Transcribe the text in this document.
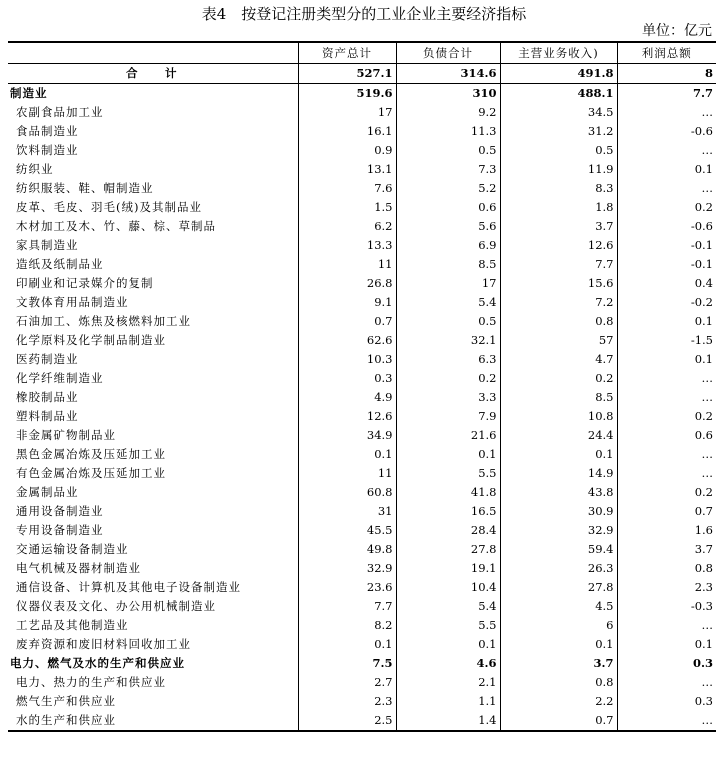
表4　按登记注册类型分的工业企业主要经济指标
单位：亿元
	资产总计	负债合计	主营业务收入)	利润总额
合　计	527.1	314.6	491.8	8
制造业	519.6	310	488.1	7.7
农副食品加工业	17	9.2	34.5	…
食品制造业	16.1	11.3	31.2	-0.6
饮料制造业	0.9	0.5	0.5	…
纺织业	13.1	7.3	11.9	0.1
纺织服装、鞋、帽制造业	7.6	5.2	8.3	…
皮革、毛皮、羽毛(绒)及其制品业	1.5	0.6	1.8	0.2
木材加工及木、竹、藤、棕、草制品	6.2	5.6	3.7	-0.6
家具制造业	13.3	6.9	12.6	-0.1
造纸及纸制品业	11	8.5	7.7	-0.1
印刷业和记录媒介的复制	26.8	17	15.6	0.4
文教体育用品制造业	9.1	5.4	7.2	-0.2
石油加工、炼焦及核燃料加工业	0.7	0.5	0.8	0.1
化学原料及化学制品制造业	62.6	32.1	57	-1.5
医药制造业	10.3	6.3	4.7	0.1
化学纤维制造业	0.3	0.2	0.2	…
橡胶制品业	4.9	3.3	8.5	…
塑料制品业	12.6	7.9	10.8	0.2
非金属矿物制品业	34.9	21.6	24.4	0.6
黑色金属冶炼及压延加工业	0.1	0.1	0.1	…
有色金属冶炼及压延加工业	11	5.5	14.9	…
金属制品业	60.8	41.8	43.8	0.2
通用设备制造业	31	16.5	30.9	0.7
专用设备制造业	45.5	28.4	32.9	1.6
交通运输设备制造业	49.8	27.8	59.4	3.7
电气机械及器材制造业	32.9	19.1	26.3	0.8
通信设备、计算机及其他电子设备制造业	23.6	10.4	27.8	2.3
仪器仪表及文化、办公用机械制造业	7.7	5.4	4.5	-0.3
工艺品及其他制造业	8.2	5.5	6	…
废弃资源和废旧材料回收加工业	0.1	0.1	0.1	0.1
电力、燃气及水的生产和供应业	7.5	4.6	3.7	0.3
电力、热力的生产和供应业	2.7	2.1	0.8	…
燃气生产和供应业	2.3	1.1	2.2	0.3
水的生产和供应业	2.5	1.4	0.7	…
